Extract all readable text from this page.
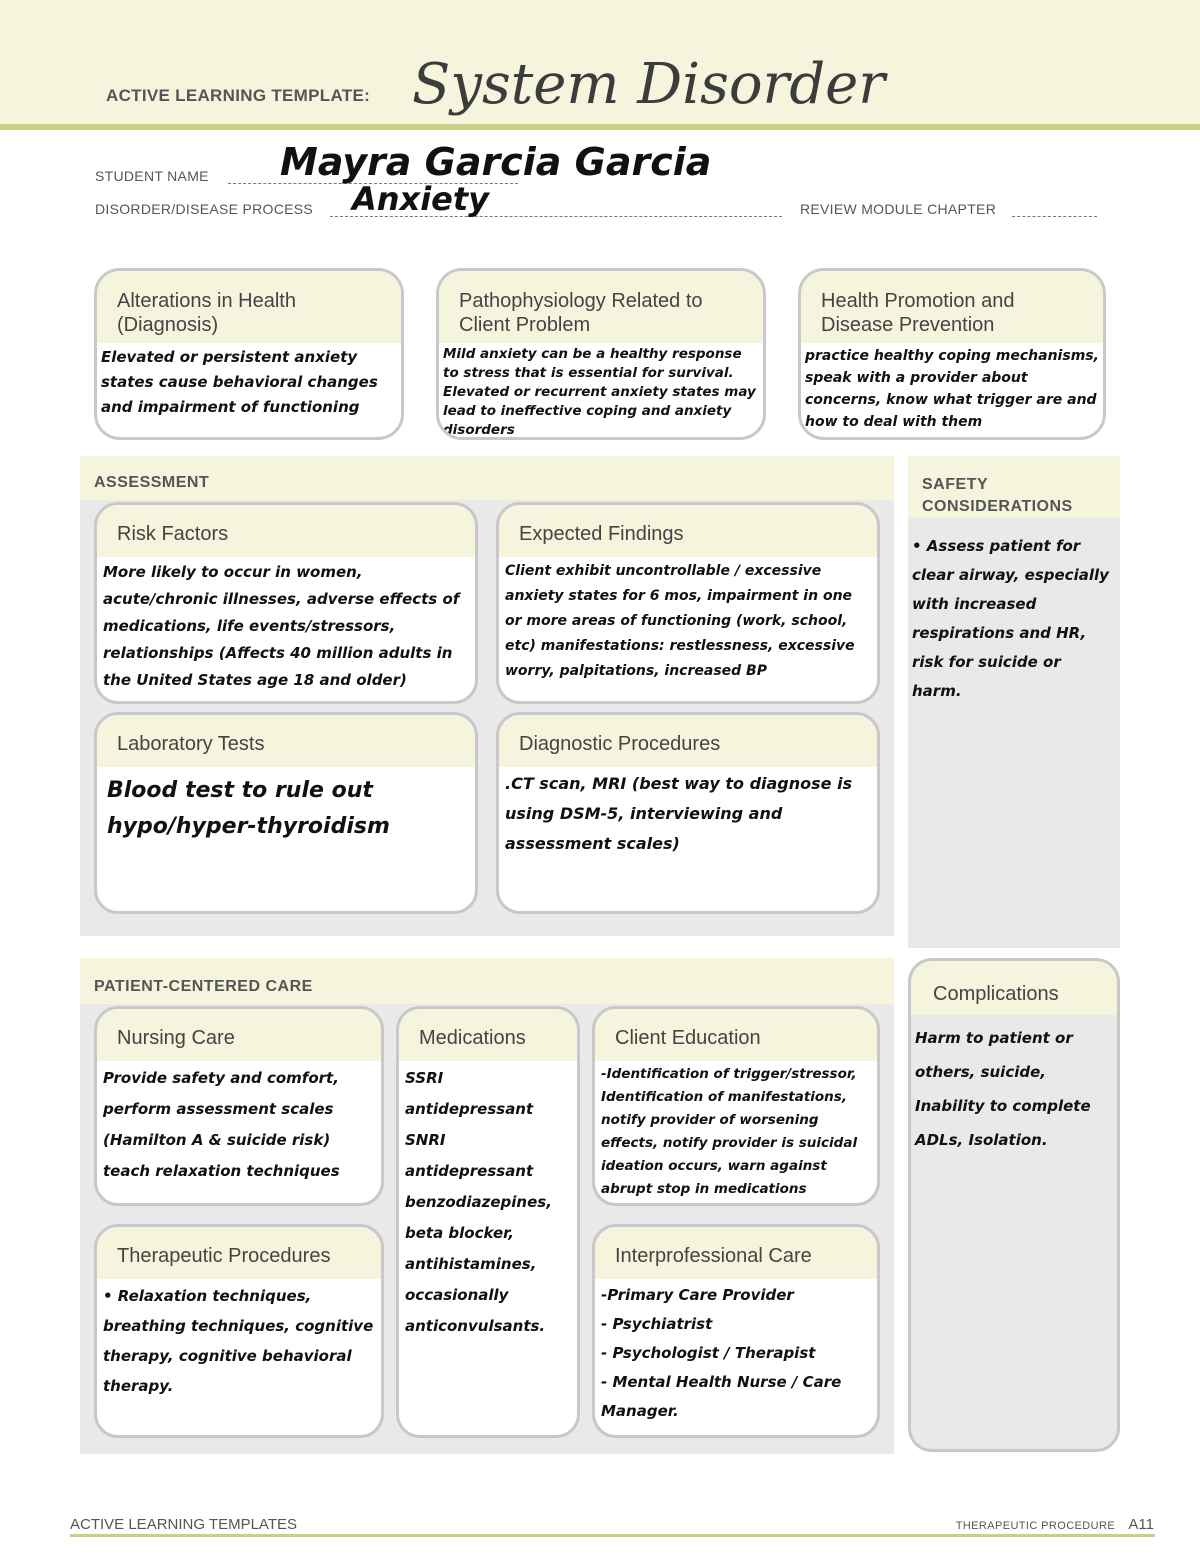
ACTIVE LEARNING TEMPLATE: System Disorder
STUDENT NAME Mayra Garcia Garcia
DISORDER/DISEASE PROCESS Anxiety	REVIEW MODULE CHAPTER
Alterations in Health (Diagnosis)
Elevated or persistent anxiety states cause behavioral changes and impairment of functioning
Pathophysiology Related to Client Problem
Mild anxiety can be a healthy response to stress that is essential for survival. Elevated or recurrent anxiety states may lead to ineffective coping and anxiety disorders
Health Promotion and Disease Prevention
practice healthy coping mechanisms, speak with a provider about concerns, know what trigger are and how to deal with them
ASSESSMENT
Risk Factors
More likely to occur in women, acute/chronic illnesses, adverse effects of medications, life events/stressors, relationships (Affects 40 million adults in the United States age 18 and older)
Expected Findings
Client exhibit uncontrollable / excessive anxiety states for 6 mos, impairment in one or more areas of functioning (work, school, etc) manifestations: restlessness, excessive worry, palpitations, increased BP
Laboratory Tests
Blood test to rule out hypo/hyper-thyroidism
Diagnostic Procedures
.CT scan, MRI (best way to diagnose is using DSM-5, interviewing and assessment scales)
SAFETY CONSIDERATIONS
• Assess patient for clear airway, especially with increased respirations and HR, risk for suicide or harm.
PATIENT-CENTERED CARE
Nursing Care
Provide safety and comfort, perform assessment scales (Hamilton A & suicide risk) teach relaxation techniques
Medications
SSRI antidepressant SNRI antidepressant benzodiazepines, beta blocker, antihistamines, occasionally anticonvulsants.
Client Education
-Identification of trigger/stressor, Identification of manifestations, notify provider of worsening effects, notify provider is suicidal ideation occurs, warn against abrupt stop in medications
Therapeutic Procedures
• Relaxation techniques, breathing techniques, cognitive therapy, cognitive behavioral therapy.
Interprofessional Care
-Primary Care Provider
- Psychiatrist
- Psychologist / Therapist
- Mental Health Nurse / Care Manager.
Complications
Harm to patient or others, suicide, Inability to complete ADLs, Isolation.
ACTIVE LEARNING TEMPLATES	THERAPEUTIC PROCEDURE A11
